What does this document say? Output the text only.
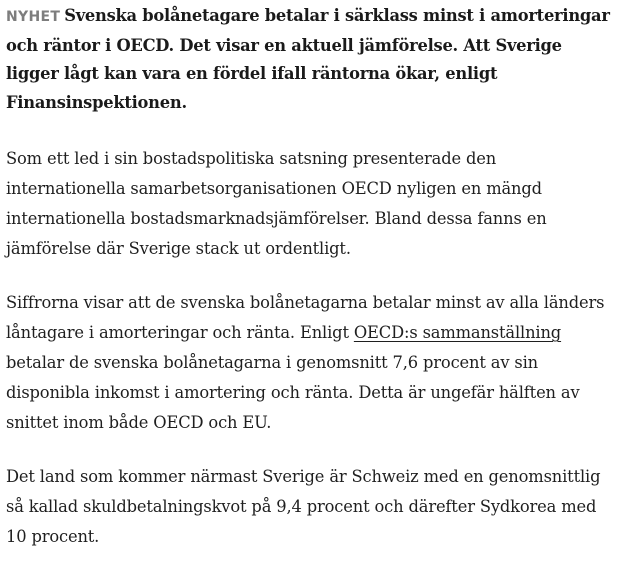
NYHET Svenska bolånetagare betalar i särklass minst i amorteringar och räntor i OECD. Det visar en aktuell jämförelse. Att Sverige ligger lågt kan vara en fördel ifall räntorna ökar, enligt Finansinspektionen.

Som ett led i sin bostadspolitiska satsning presenterade den internationella samarbetsorganisationen OECD nyligen en mängd internationella bostadsmarknadsjämförelser. Bland dessa fanns en jämförelse där Sverige stack ut ordentligt.

Siffrorna visar att de svenska bolånetagarna betalar minst av alla länders låntagare i amorteringar och ränta. Enligt OECD:s sammanställning betalar de svenska bolånetagarna i genomsnitt 7,6 procent av sin disponibla inkomst i amortering och ränta. Detta är ungefär hälften av snittet inom både OECD och EU.

Det land som kommer närmast Sverige är Schweiz med en genomsnittlig så kallad skuldbetalningskvot på 9,4 procent och därefter Sydkorea med 10 procent.
